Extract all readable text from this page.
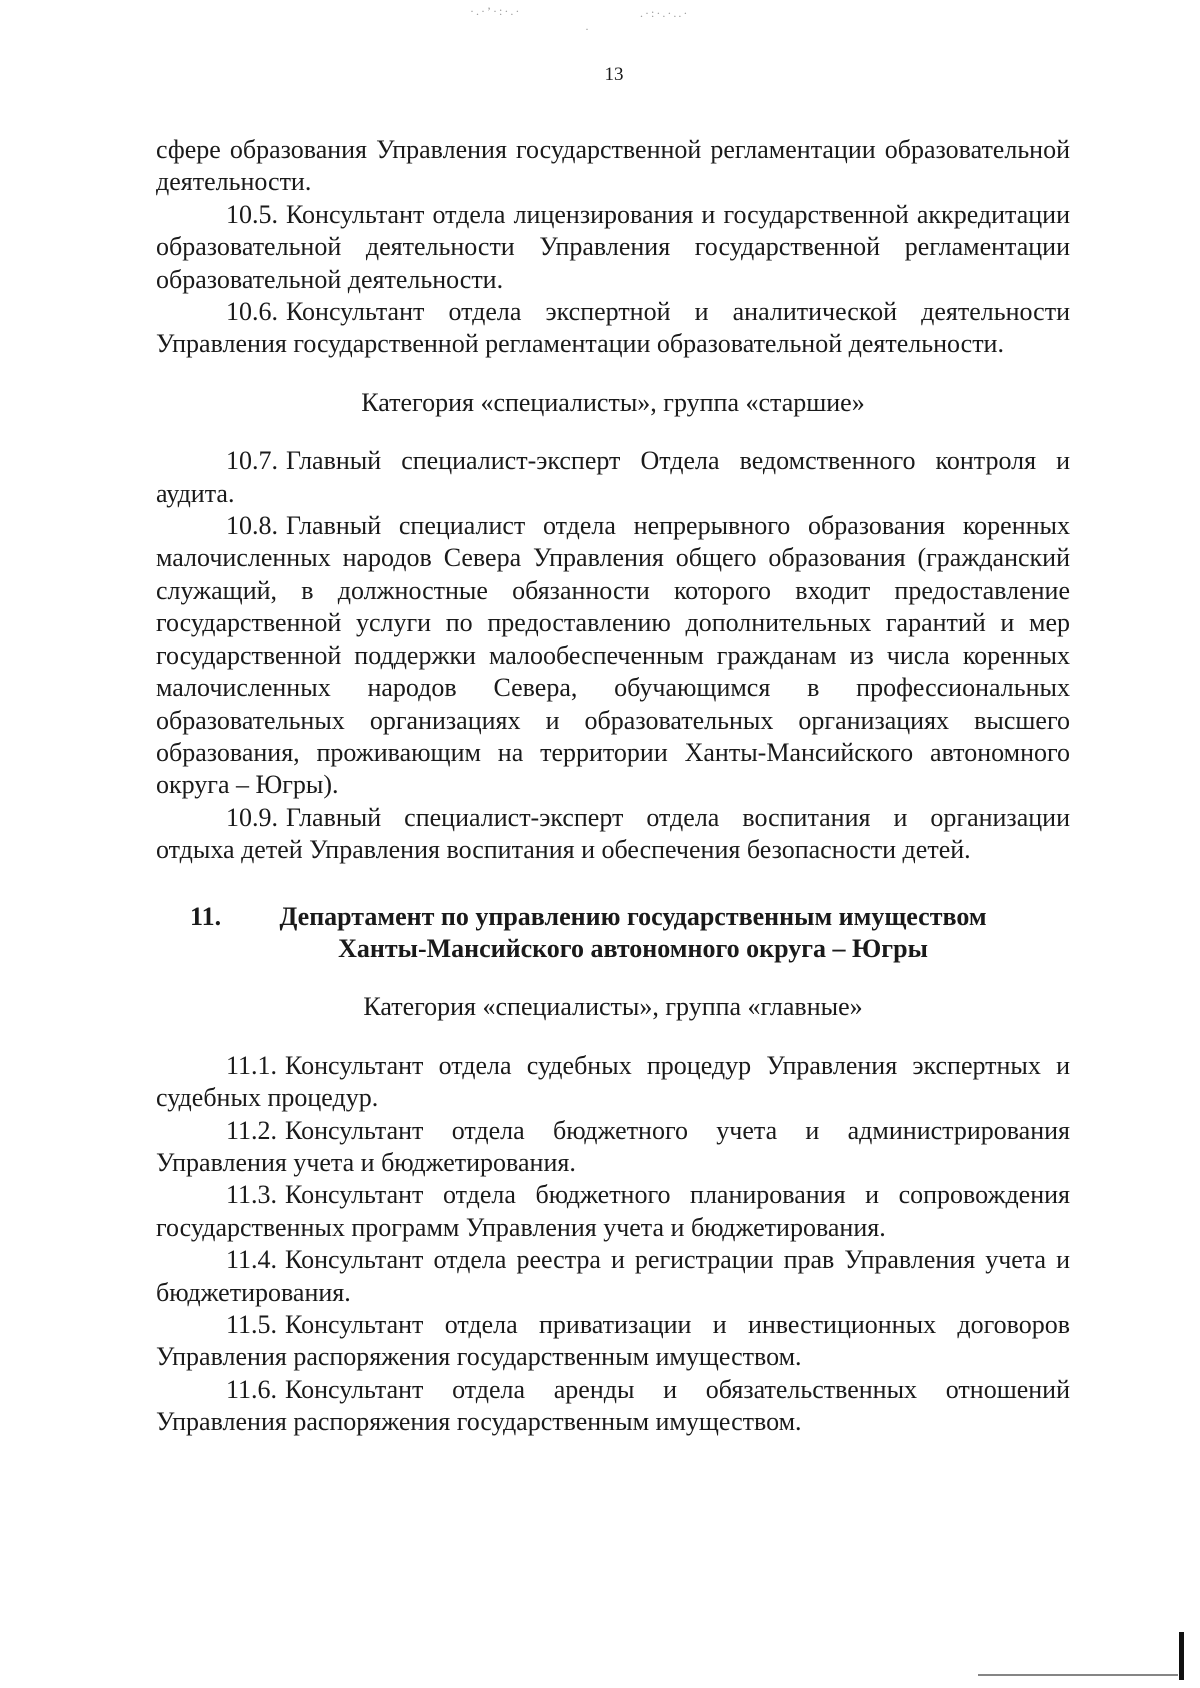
·.·’·:·.·
·
.·:·.·..·
13

сфере образования Управления государственной регламентации образовательной деятельности.

10.5. Консультант отдела лицензирования и государственной аккредитации образовательной деятельности Управления государственной регламентации образовательной деятельности.

10.6. Консультант отдела экспертной и аналитической деятельности Управления государственной регламентации образовательной деятельности.

Категория «специалисты», группа «старшие»

10.7. Главный специалист-эксперт Отдела ведомственного контроля и аудита.

10.8. Главный специалист отдела непрерывного образования коренных малочисленных народов Севера Управления общего образования (гражданский служащий, в должностные обязанности которого входит предоставление государственной услуги по предоставлению дополнительных гарантий и мер государственной поддержки малообеспеченным гражданам из числа коренных малочисленных народов Севера, обучающимся в профессиональных образовательных организациях и образовательных организациях высшего образования, проживающим на территории Ханты-Мансийского автономного округа – Югры).

10.9. Главный специалист-эксперт отдела воспитания и организации отдыха детей Управления воспитания и обеспечения безопасности детей.

11.	Департамент по управлению государственным имуществом
Ханты-Мансийского автономного округа – Югры

Категория «специалисты», группа «главные»

11.1. Консультант отдела судебных процедур Управления экспертных и судебных процедур.

11.2. Консультант отдела бюджетного учета и администрирования Управления учета и бюджетирования.

11.3. Консультант отдела бюджетного планирования и сопровождения государственных программ Управления учета и бюджетирования.

11.4. Консультант отдела реестра и регистрации прав Управления учета и бюджетирования.

11.5. Консультант отдела приватизации и инвестиционных договоров Управления распоряжения государственным имуществом.

11.6. Консультант отдела аренды и обязательственных отношений Управления распоряжения государственным имуществом.
